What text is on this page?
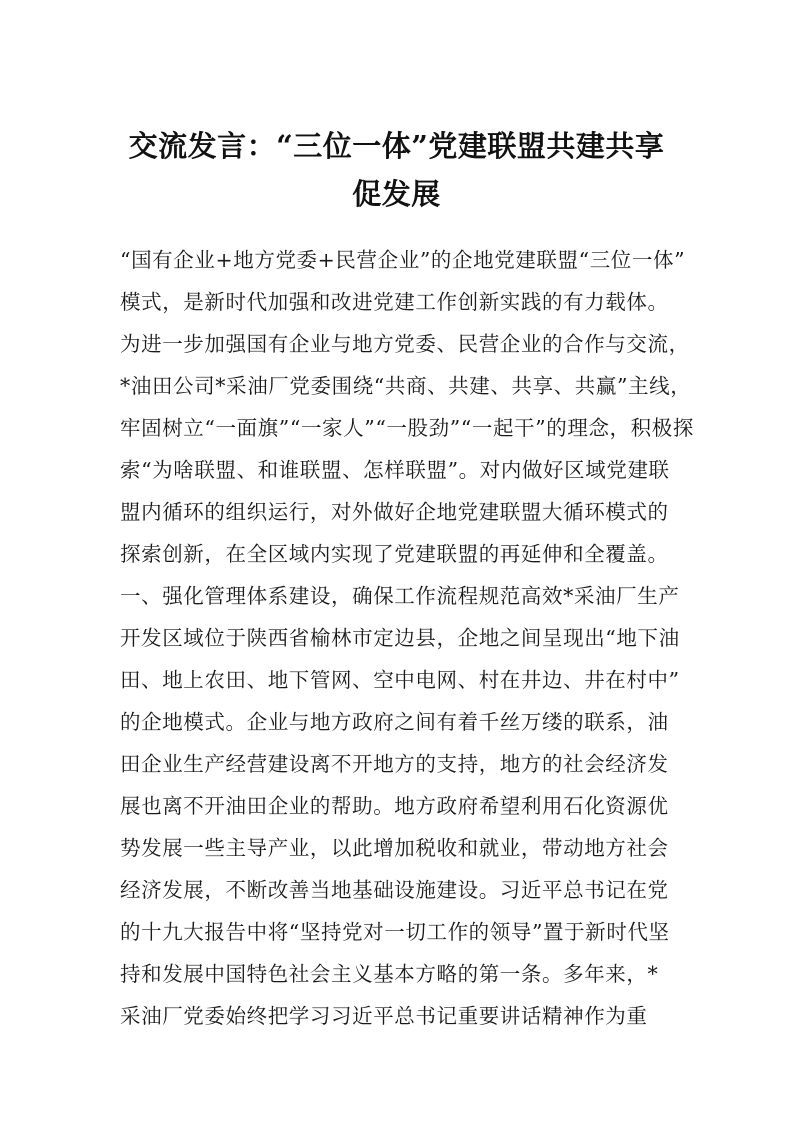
交流发言：“三位一体”党建联盟共建共享
促发展
“国有企业+地方党委+民营企业”的企地党建联盟“三位一体”
模式，是新时代加强和改进党建工作创新实践的有力载体。
为进一步加强国有企业与地方党委、民营企业的合作与交流，
*油田公司*采油厂党委围绕“共商、共建、共享、共赢”主线，
牢固树立“一面旗”“一家人”“一股劲”“一起干”的理念，积极探
索“为啥联盟、和谁联盟、怎样联盟”。对内做好区域党建联
盟内循环的组织运行，对外做好企地党建联盟大循环模式的
探索创新，在全区域内实现了党建联盟的再延伸和全覆盖。
一、强化管理体系建设，确保工作流程规范高效*采油厂生产
开发区域位于陕西省榆林市定边县，企地之间呈现出“地下油
田、地上农田、地下管网、空中电网、村在井边、井在村中”
的企地模式。企业与地方政府之间有着千丝万缕的联系，油
田企业生产经营建设离不开地方的支持，地方的社会经济发
展也离不开油田企业的帮助。地方政府希望利用石化资源优
势发展一些主导产业，以此增加税收和就业，带动地方社会
经济发展，不断改善当地基础设施建设。习近平总书记在党
的十九大报告中将“坚持党对一切工作的领导”置于新时代坚
持和发展中国特色社会主义基本方略的第一条。多年来，*
采油厂党委始终把学习习近平总书记重要讲话精神作为重
